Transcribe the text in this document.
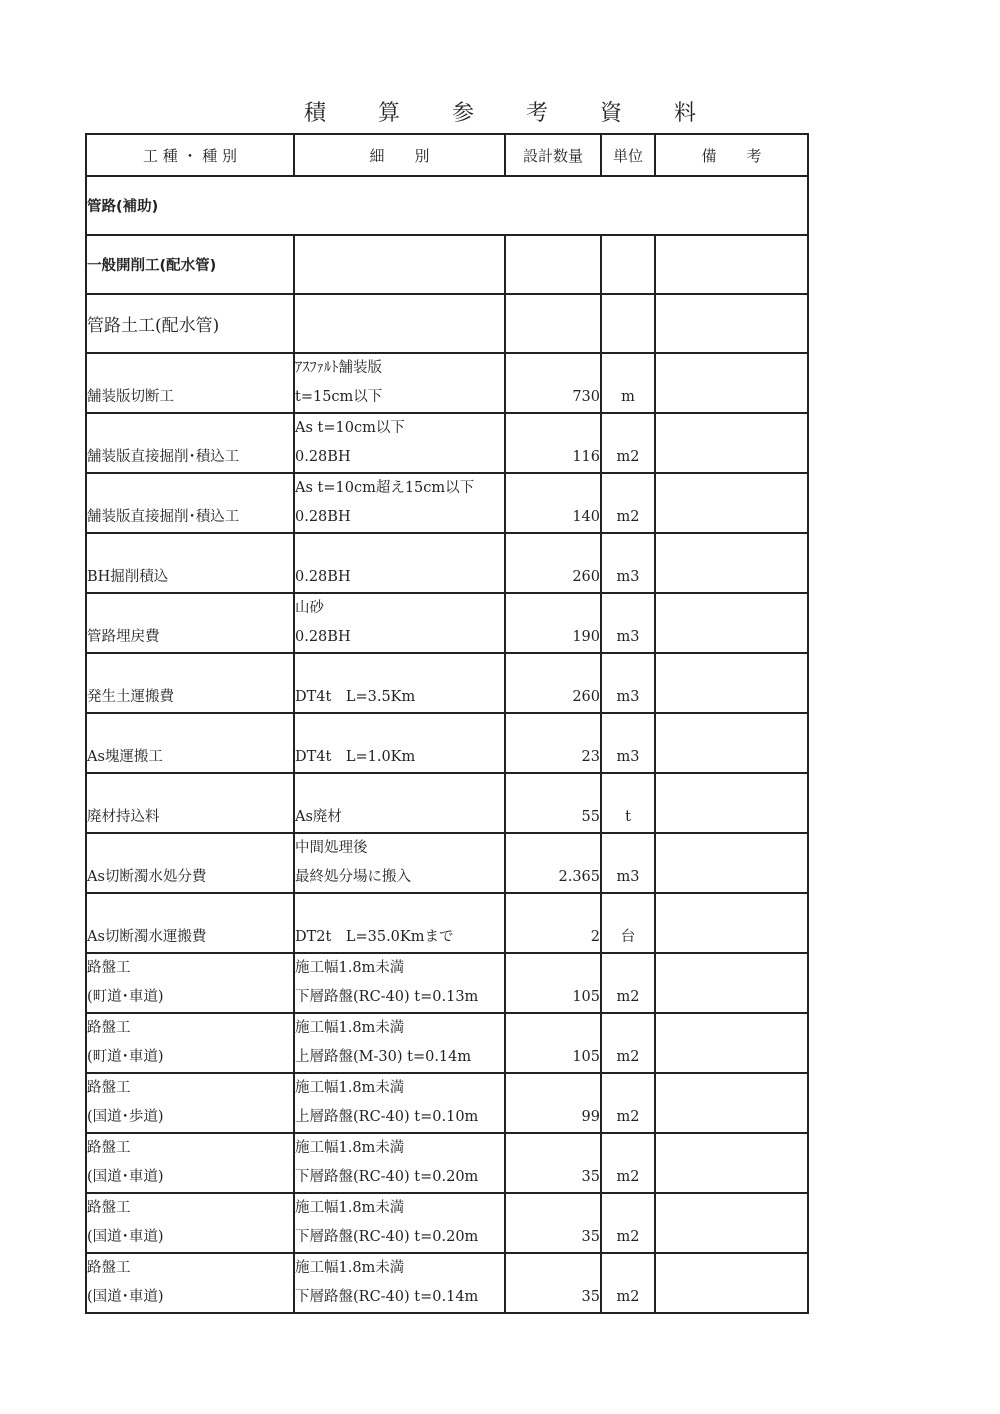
積 算 参 考 資 料
工 種 ・ 種 別	細　　別	設計数量	単位	備　　考
管路(補助)				
一般開削工(配水管)				
管路土工(配水管)				

舗装版切断工	ｱｽﾌｧﾙﾄ舗装版
t=15cm以下	730	m	

舗装版直接掘削･積込工	As t=10cm以下
0.28BH	116	m2	

舗装版直接掘削･積込工	As t=10cm超え15cm以下
0.28BH	140	m2	

BH掘削積込	0.28BH	260	m3	

管路埋戻費	山砂
0.28BH	190	m3	

発生土運搬費	DT4t　L=3.5Km	260	m3	

As塊運搬工	DT4t　L=1.0Km	23	m3	

廃材持込料	As廃材	55	t	

As切断濁水処分費	中間処理後
最終処分場に搬入	2.365	m3	

As切断濁水運搬費	DT2t　L=35.0Kmまで	2	台	

路盤工
(町道･車道)	施工幅1.8m未満
下層路盤(RC-40) t=0.13m	105	m2	

路盤工
(町道･車道)	施工幅1.8m未満
上層路盤(M-30) t=0.14m	105	m2	

路盤工
(国道･歩道)	施工幅1.8m未満
上層路盤(RC-40) t=0.10m	99	m2	

路盤工
(国道･車道)	施工幅1.8m未満
下層路盤(RC-40) t=0.20m	35	m2	

路盤工
(国道･車道)	施工幅1.8m未満
下層路盤(RC-40) t=0.20m	35	m2	

路盤工
(国道･車道)	施工幅1.8m未満
下層路盤(RC-40) t=0.14m	35	m2	
